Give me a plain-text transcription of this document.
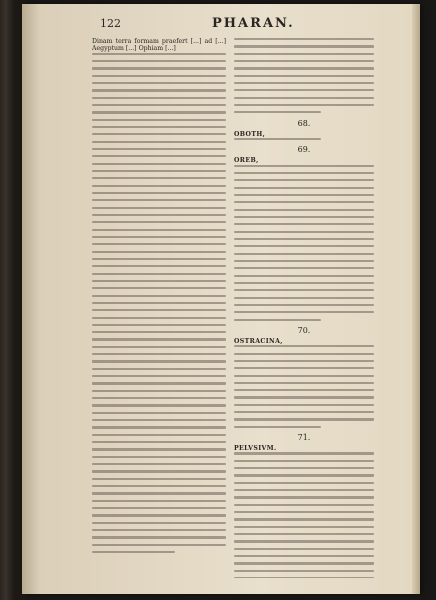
122	PHARAN.

Dinam terra formam praefert [...] ad [...] Aegyptum [...] Ophiam [...]

68.
OBOTH,
69.
OREB,
70.
OSTRACINA,
71.
PELVSIVM.
